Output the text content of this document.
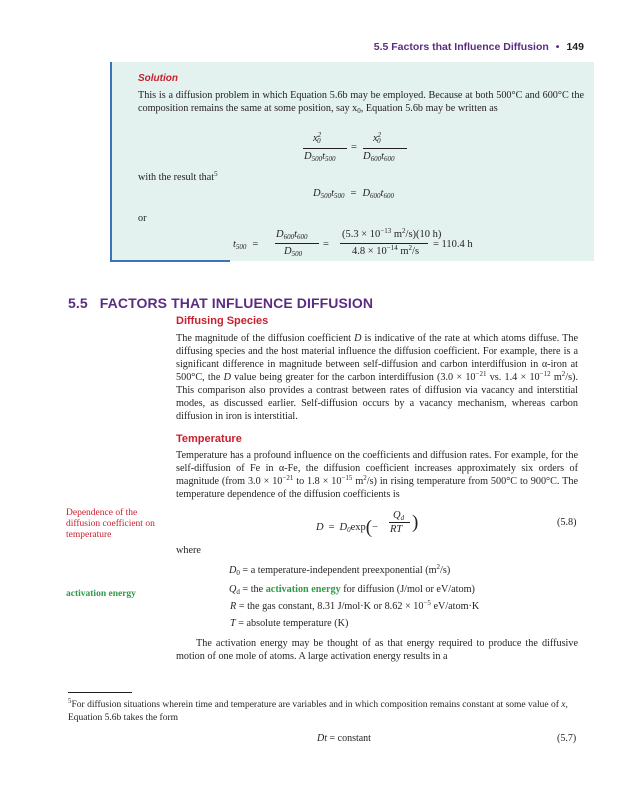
5.5 Factors that Influence Diffusion • 149
Solution
This is a diffusion problem in which Equation 5.6b may be employed. Because at both 500°C and 600°C the composition remains the same at some position, say $x_0$, Equation 5.6b may be written as
$x^2_0$
$D_{500}t_{500}$
=
$x^2_0$
$D_{600}t_{600}$
with the result that$^5$
$D_{500}t_{500} = D_{600}t_{600}$
or
$t_{500}$ =
$D_{600}t_{600}$
$D_{500}$
=
($5.3 \times 10^{-13}$ $m^2/s)(10$ h)
$4.8 \times 10^{-14}$ $m^2/s$
= 110.4 h
5.5 FACTORS THAT INFLUENCE DIFFUSION
Diffusing Species
The magnitude of the diffusion coefficient D is indicative of the rate at which atoms diffuse. The diffusing species and the host material influence the diffusion coefficient. For example, there is a significant difference in magnitude between self-diffusion and carbon interdiffusion in α-iron at 500°C, the D value being greater for the carbon interdiffusion ($3.0 \times 10^{-21}$ vs. $1.4 \times 10^{-12}$ $m^2/s$). This comparison also provides a contrast between rates of diffusion via vacancy and interstitial modes, as discussed earlier. Self-diffusion occurs by a vacancy mechanism, whereas carbon diffusion in iron is interstitial.
Temperature
Temperature has a profound influence on the coefficients and diffusion rates. For example, for the self-diffusion of Fe in α-Fe, the diffusion coefficient increases approximately six orders of magnitude (from $3.0 \times 10^{-21}$ to $1.8 \times 10^{-15}$ $m^2/s$) in rising temperature from 500°C to 900°C. The temperature dependence of the diffusion coefficients is
Dependence of the diffusion coefficient on temperature
activation energy
$D = D_0\exp(-$
$Q_d$
RT )	(5.8)
where
$D_0 = a$ temperature-independent preexponential $(m^2/s)$
$Q_d$ = the activation energy for diffusion (J/mol or eV/atom)
R = the gas constant, 8.31 J/mol·K or $8.62 \times 10^{-5}$ eV/atom·K
T = absolute temperature (K)
The activation energy may be thought of as that energy required to produce the diffusive motion of one mole of atoms. A large activation energy results in a
$^5$For diffusion situations wherein time and temperature are variables and in which composition remains constant at some value of x, Equation 5.6b takes the form
Dt = constant	(5.7)
